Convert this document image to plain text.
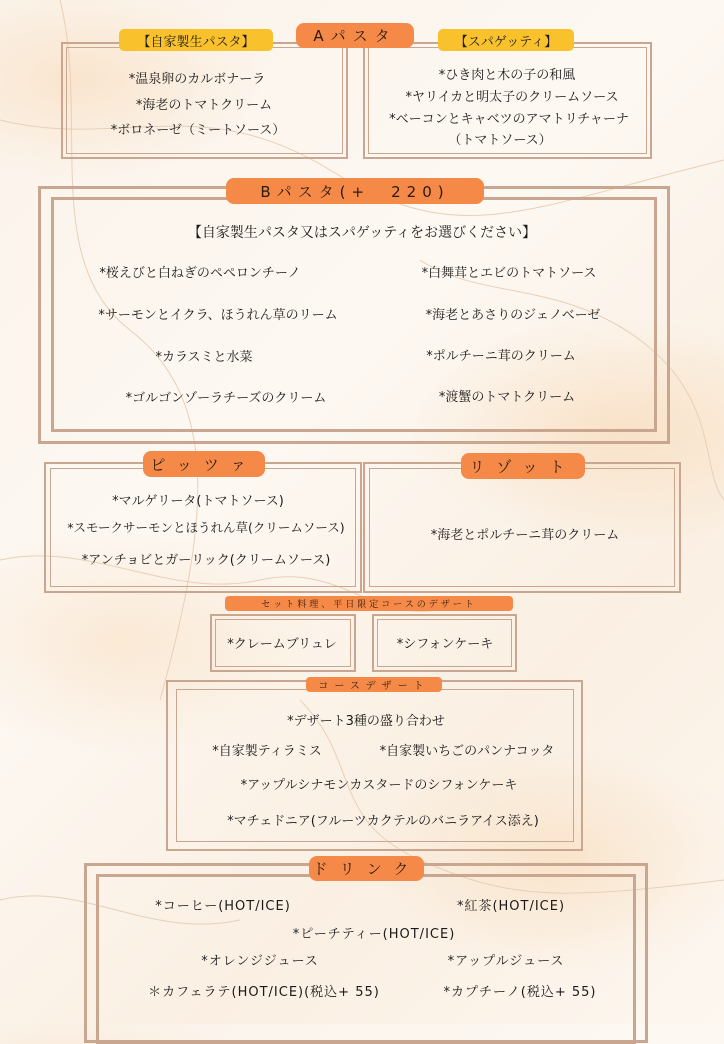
Aパスタ
【自家製生パスタ】	【スパゲッティ】
*温泉卵のカルボナーラ
*海老のトマトクリーム
*ボロネーゼ（ミートソース）
*ひき肉と木の子の和風
*ヤリイカと明太子のクリームソース
*ベーコンとキャベツのアマトリチャーナ
（トマトソース）
Bパスタ(+　220)
【自家製生パスタ又はスパゲッティをお選びください】
*桜えびと白ねぎのペペロンチーノ
*サーモンとイクラ、ほうれん草のリーム
*カラスミと水菜
*ゴルゴンゾーラチーズのクリーム
*白舞茸とエビのトマトソース
*海老とあさりのジェノベーゼ
*ポルチーニ茸のクリーム
*渡蟹のトマトクリーム
ピッツァ
*マルゲリータ(トマトソース)
*スモークサーモンとほうれん草(クリームソース)
*アンチョビとガーリック(クリームソース)
リゾット
*海老とポルチーニ茸のクリーム
セット料理、平日限定コースのデザート
*クレームブリュレ	*シフォンケーキ
コースデザート
*デザート3種の盛り合わせ
*自家製ティラミス	*自家製いちごのパンナコッタ
*アップルシナモンカスタードのシフォンケーキ
*マチェドニア(フルーツカクテルのバニラアイス添え)
ドリンク
*コーヒー(HOT/ICE)	*紅茶(HOT/ICE)
*ピーチティー(HOT/ICE)
*オレンジジュース	*アップルジュース
＊カフェラテ(HOT/ICE)(税込+ 55)	*カプチーノ(税込+ 55)
